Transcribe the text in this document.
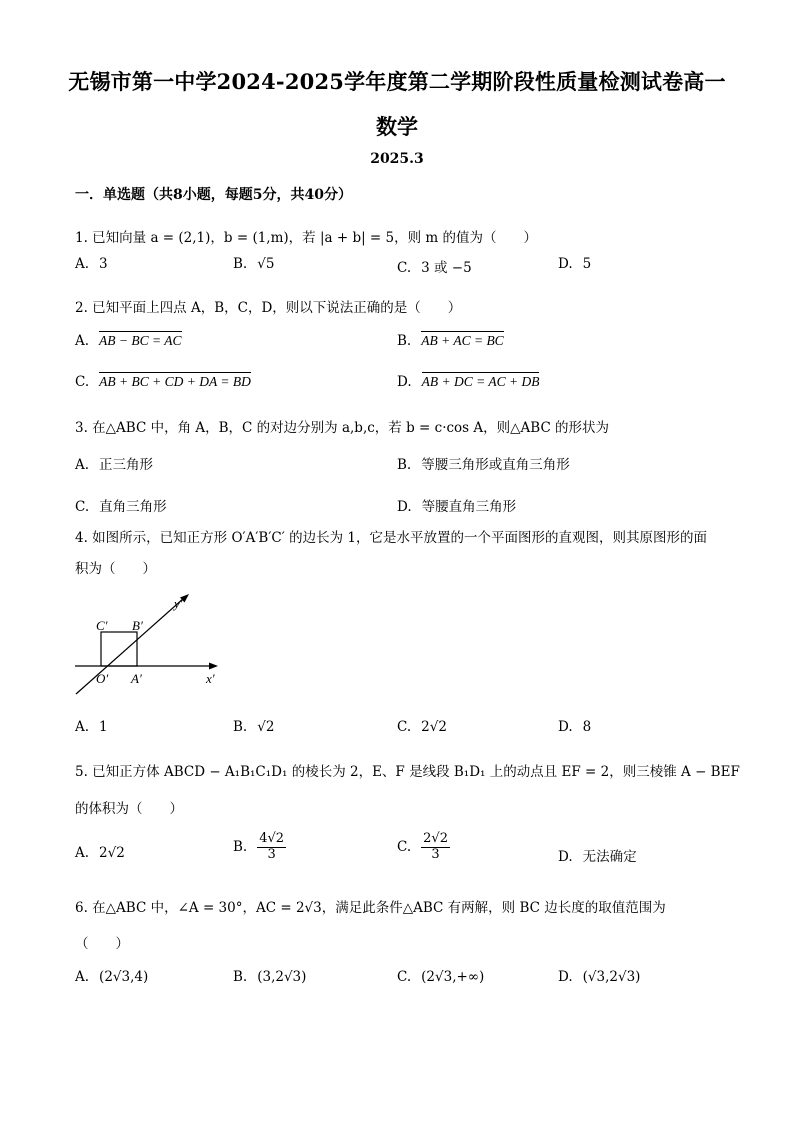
无锡市第一中学2024-2025学年度第二学期阶段性质量检测试卷高一
数学
2025.3
一．单选题（共8小题，每题5分，共40分）
1. 已知向量 a = (2,1)，b = (1,m)，若 |a + b| = 5，则 m 的值为（　　）
A. 3	B. √5	C. 3 或 −5	D. 5
2. 已知平面上四点 A，B，C，D，则以下说法正确的是（　　）
A. AB − BC = AC	B. AB + AC = BC
C. AB + BC + CD + DA = BD	D. AB + DC = AC + DB
3. 在△ABC 中，角 A，B，C 的对边分别为 a,b,c，若 b = c·cos A，则△ABC 的形状为
A. 正三角形	B. 等腰三角形或直角三角形
C. 直角三角形	D. 等腰直角三角形
4. 如图所示，已知正方形 O′A′B′C′ 的边长为 1，它是水平放置的一个平面图形的直观图，则其原图形的面
积为（　　）
C′ B′
y′
O′ A′	x′
A. 1	B. √2	C. 2√2	D. 8
5. 已知正方体 ABCD − A₁B₁C₁D₁ 的棱长为 2，E、F 是线段 B₁D₁ 上的动点且 EF = 2，则三棱锥 A − BEF
的体积为（　　）
A. 2√2	B. $\frac{4√2}{3}$	C. $\frac{2√2}{3}$	D. 无法确定
6. 在△ABC 中，∠A = 30°，AC = 2√3，满足此条件△ABC 有两解，则 BC 边长度的取值范围为
（　　）
A. (2√3,4)	B. (3,2√3)	C. (2√3,+∞)	D. (√3,2√3)
